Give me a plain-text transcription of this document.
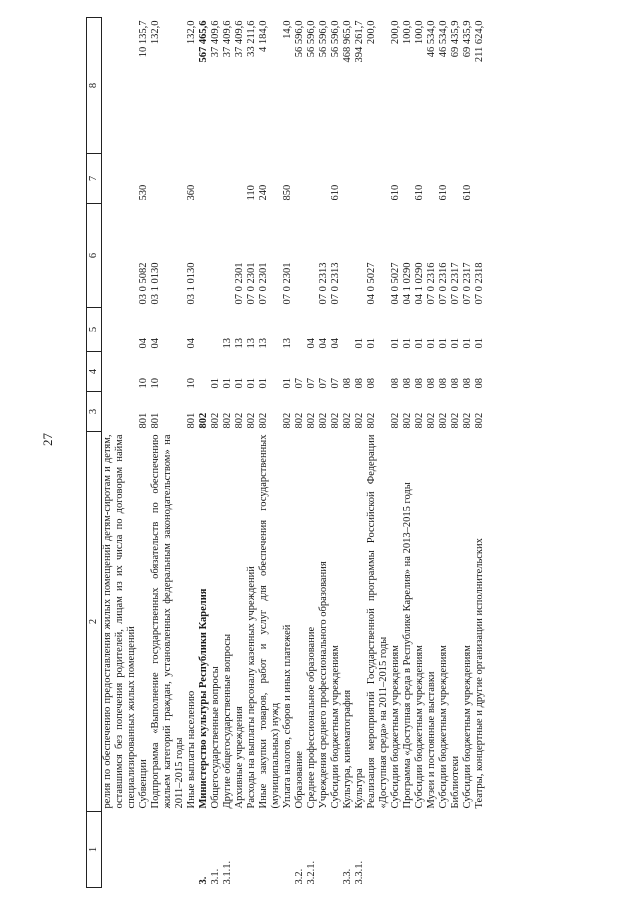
27
1	2	3	4	5	6	7	8
	релия по обеспечению предоставления жилых помещений детям-сиротам и детям, оставшимся без попечения родителей, лицам из их числа по договорам найма специализированных жилых помещений						
	Субвенции	801	10	04	03 0 5082	530	10 135,7
	Подпрограмма «Выполнение государственных обязательств по обеспечению жильем категорий граждан, установленных федеральным законодательством» на 2011–2015 годы	801	10	04	03 1 0130		132,0
	Иные выплаты населению	801	10	04	03 1 0130	360	132,0
3.	Министерство культуры Республики Карелия	802					567 465,6
3.1.	Общегосударственные вопросы	802	01				37 409,6
3.1.1.	Другие общегосударственные вопросы	802	01	13			37 409,6
	Архивные учреждения	802	01	13	07 0 2301		37 409,6
	Расходы на выплаты персоналу казенных учреждений	802	01	13	07 0 2301	110	33 211,6
	Иные закупки товаров, работ и услуг для обеспечения государственных (муниципальных) нужд	802	01	13	07 0 2301	240	4 184,0
	Уплата налогов, сборов и иных платежей	802	01	13	07 0 2301	850	14,0
3.2.	Образование	802	07				56 596,0
3.2.1.	Среднее профессиональное образование	802	07	04			56 596,0
	Учреждения среднего профессионального образования	802	07	04	07 0 2313		56 596,0
	Субсидии бюджетным учреждениям	802	07	04	07 0 2313	610	56 596,0
3.3.	Культура, кинематография	802	08				468 965,0
3.3.1.	Культура	802	08	01			394 261,7
	Реализация мероприятий Государственной программы Российской Федерации «Доступная среда» на 2011–2015 годы	802	08	01	04 0 5027		200,0
	Субсидии бюджетным учреждениям	802	08	01	04 0 5027	610	200,0
	Программа «Доступная среда в Республике Карелия» на 2013–2015 годы	802	08	01	04 1 0290		100,0
	Субсидии бюджетным учреждениям	802	08	01	04 1 0290	610	100,0
	Музеи и постоянные выставки	802	08	01	07 0 2316		46 534,0
	Субсидии бюджетным учреждениям	802	08	01	07 0 2316	610	46 534,0
	Библиотеки	802	08	01	07 0 2317		69 435,9
	Субсидии бюджетным учреждениям	802	08	01	07 0 2317	610	69 435,9
	Театры, концертные и другие организации исполнительских	802	08	01	07 0 2318		211 624,0
